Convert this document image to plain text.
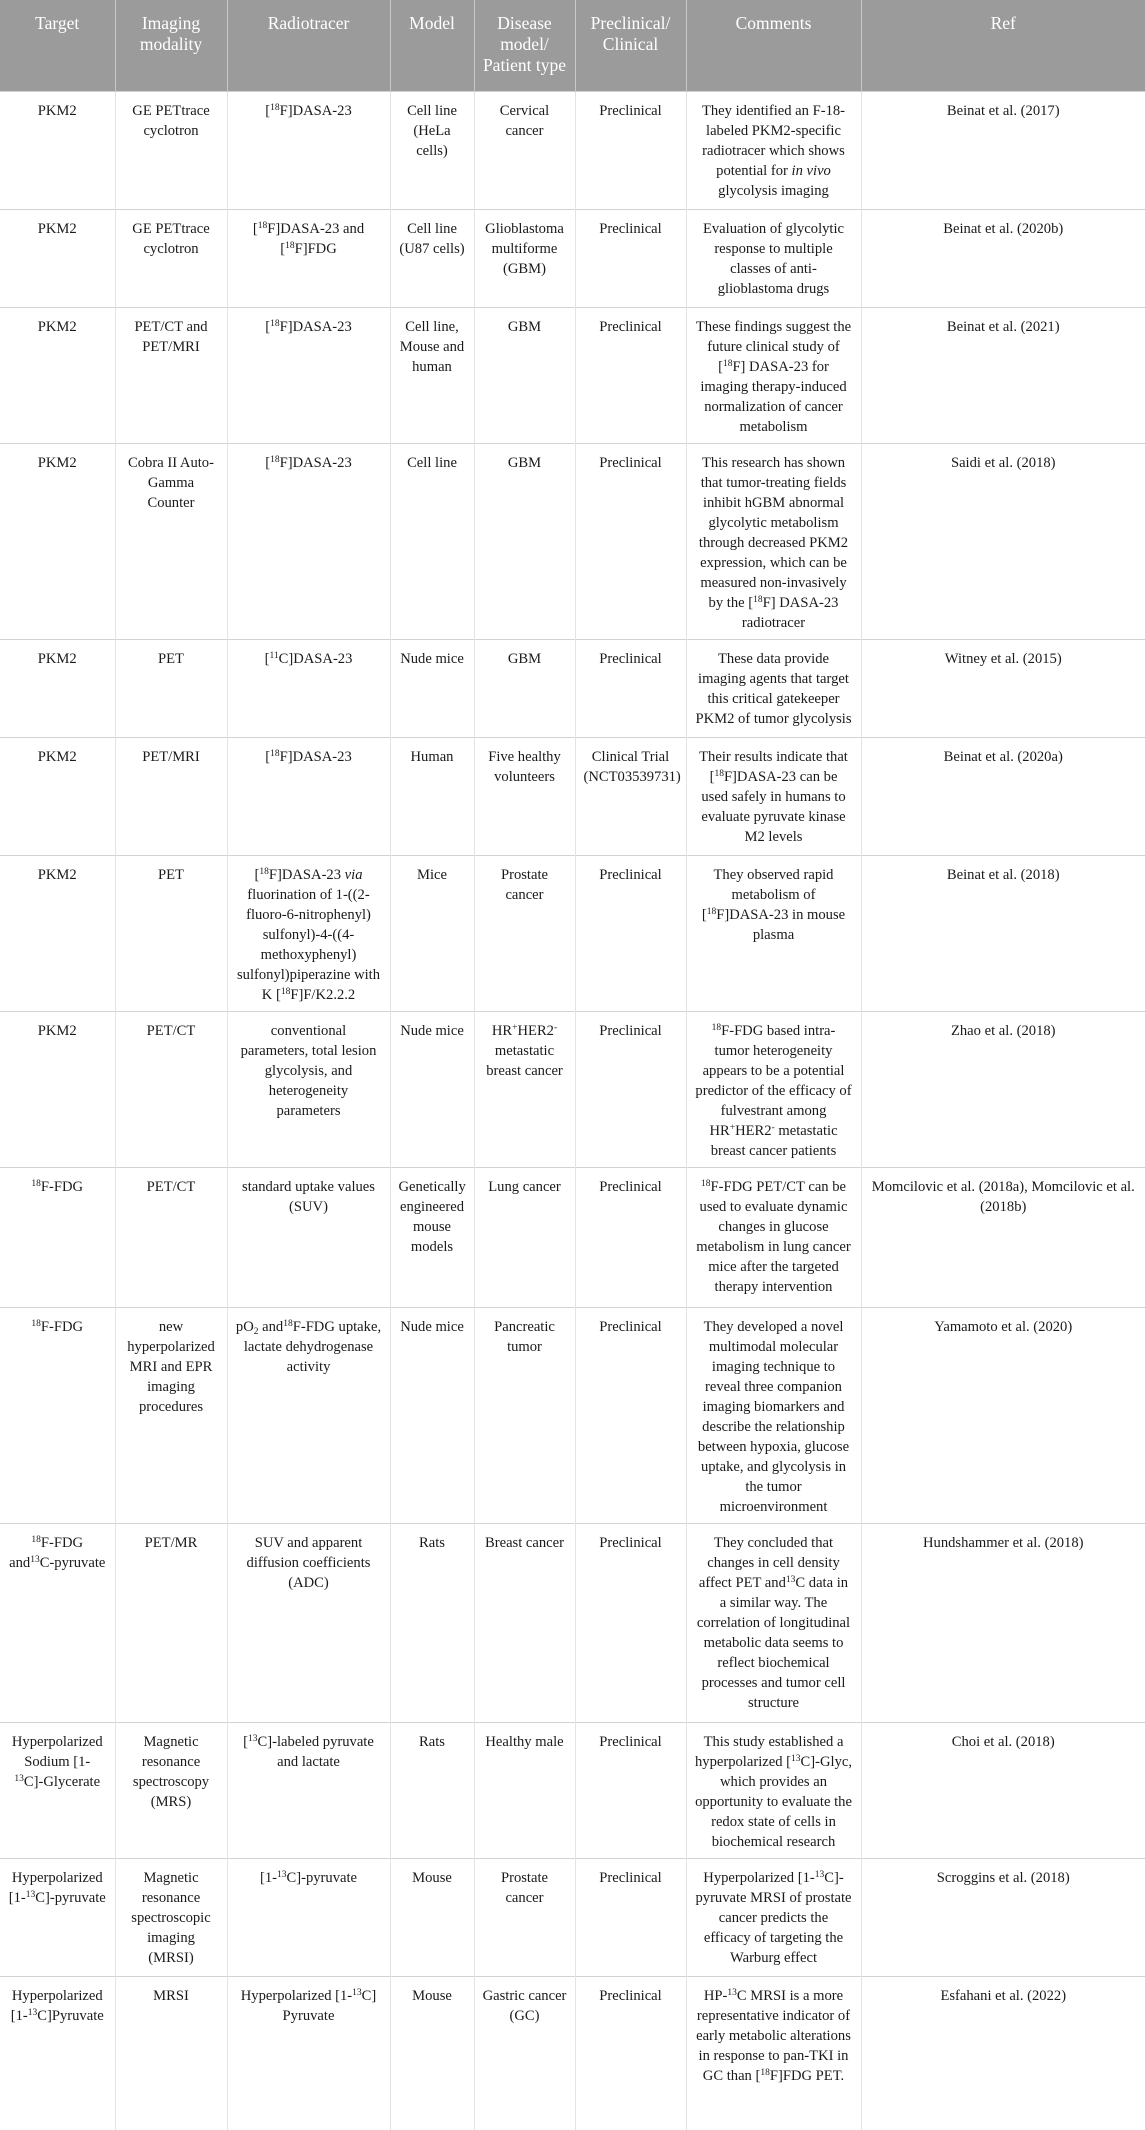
Target	Imaging modality	Radiotracer	Model	Disease model/ Patient type	Preclinical/ Clinical	Comments	Ref
PKM2	GE PETtrace cyclotron	[$^{18}$F]DASA-23	Cell line (HeLa cells)	Cervical cancer	Preclinical	They identified an F-18-labeled PKM2-specific radiotracer which shows potential for in vivo glycolysis imaging	Beinat et al. (2017)
PKM2	GE PETtrace cyclotron	[$^{18}$F]DASA-23 and [$^{18}$F]FDG	Cell line (U87 cells)	Glioblastoma multiforme (GBM)	Preclinical	Evaluation of glycolytic response to multiple classes of anti-glioblastoma drugs	Beinat et al. (2020b)
PKM2	PET/CT and PET/MRI	[$^{18}$F]DASA-23	Cell line, Mouse and human	GBM	Preclinical	These findings suggest the future clinical study of [$^{18}$F] DASA-23 for imaging therapy-induced normalization of cancer metabolism	Beinat et al. (2021)
PKM2	Cobra II Auto-Gamma Counter	[$^{18}$F]DASA-23	Cell line	GBM	Preclinical	This research has shown that tumor-treating fields inhibit hGBM abnormal glycolytic metabolism through decreased PKM2 expression, which can be measured non-invasively by the [$^{18}$F] DASA-23 radiotracer	Saidi et al. (2018)
PKM2	PET	[$^{11}$C]DASA-23	Nude mice	GBM	Preclinical	These data provide imaging agents that target this critical gatekeeper PKM2 of tumor glycolysis	Witney et al. (2015)
PKM2	PET/MRI	[$^{18}$F]DASA-23	Human	Five healthy volunteers	Clinical Trial (NCT03539731)	Their results indicate that [$^{18}$F]DASA-23 can be used safely in humans to evaluate pyruvate kinase M2 levels	Beinat et al. (2020a)
PKM2	PET	[$^{18}$F]DASA-23 via fluorination of 1-((2-fluoro-6-nitrophenyl) sulfonyl)-4-((4-methoxyphenyl) sulfonyl)piperazine with K [$^{18}$F]F/K2.2.2	Mice	Prostate cancer	Preclinical	They observed rapid metabolism of [$^{18}$F]DASA-23 in mouse plasma	Beinat et al. (2018)
PKM2	PET/CT	conventional parameters, total lesion glycolysis, and heterogeneity parameters	Nude mice	HR+HER2- metastatic breast cancer	Preclinical	$^{18}$F-FDG based intra-tumor heterogeneity appears to be a potential predictor of the efficacy of fulvestrant among HR+HER2- metastatic breast cancer patients	Zhao et al. (2018)
$^{18}$F-FDG	PET/CT	standard uptake values (SUV)	Genetically engineered mouse models	Lung cancer	Preclinical	$^{18}$F-FDG PET/CT can be used to evaluate dynamic changes in glucose metabolism in lung cancer mice after the targeted therapy intervention	Momcilovic et al. (2018a), Momcilovic et al. (2018b)
$^{18}$F-FDG	new hyperpolarized MRI and EPR imaging procedures	$pO_2$ and$^{18}$F-FDG uptake, lactate dehydrogenase activity	Nude mice	Pancreatic tumor	Preclinical	They developed a novel multimodal molecular imaging technique to reveal three companion imaging biomarkers and describe the relationship between hypoxia, glucose uptake, and glycolysis in the tumor microenvironment	Yamamoto et al. (2020)
$^{18}$F-FDG and$^{13}$C-pyruvate	PET/MR	SUV and apparent diffusion coefficients (ADC)	Rats	Breast cancer	Preclinical	They concluded that changes in cell density affect PET and$^{13}$C data in a similar way. The correlation of longitudinal metabolic data seems to reflect biochemical processes and tumor cell structure	Hundshammer et al. (2018)
Hyperpolarized Sodium [1- $^{13}$C]-Glycerate	Magnetic resonance spectroscopy (MRS)	[$^{13}$C]-labeled pyruvate and lactate	Rats	Healthy male	Preclinical	This study established a hyperpolarized [$^{13}$C]-Glyc, which provides an opportunity to evaluate the redox state of cells in biochemical research	Choi et al. (2018)
Hyperpolarized [1-$^{13}$C]-pyruvate	Magnetic resonance spectroscopic imaging (MRSI)	[1-$^{13}$C]-pyruvate	Mouse	Prostate cancer	Preclinical	Hyperpolarized [1-$^{13}$C]-pyruvate MRSI of prostate cancer predicts the efficacy of targeting the Warburg effect	Scroggins et al. (2018)
Hyperpolarized [1-$^{13}$C]Pyruvate	MRSI	Hyperpolarized [1-$^{13}$C] Pyruvate	Mouse	Gastric cancer (GC)	Preclinical	HP-$^{13}$C MRSI is a more representative indicator of early metabolic alterations in response to pan-TKI in GC than [$^{18}$F]FDG PET.	Esfahani et al. (2022)
